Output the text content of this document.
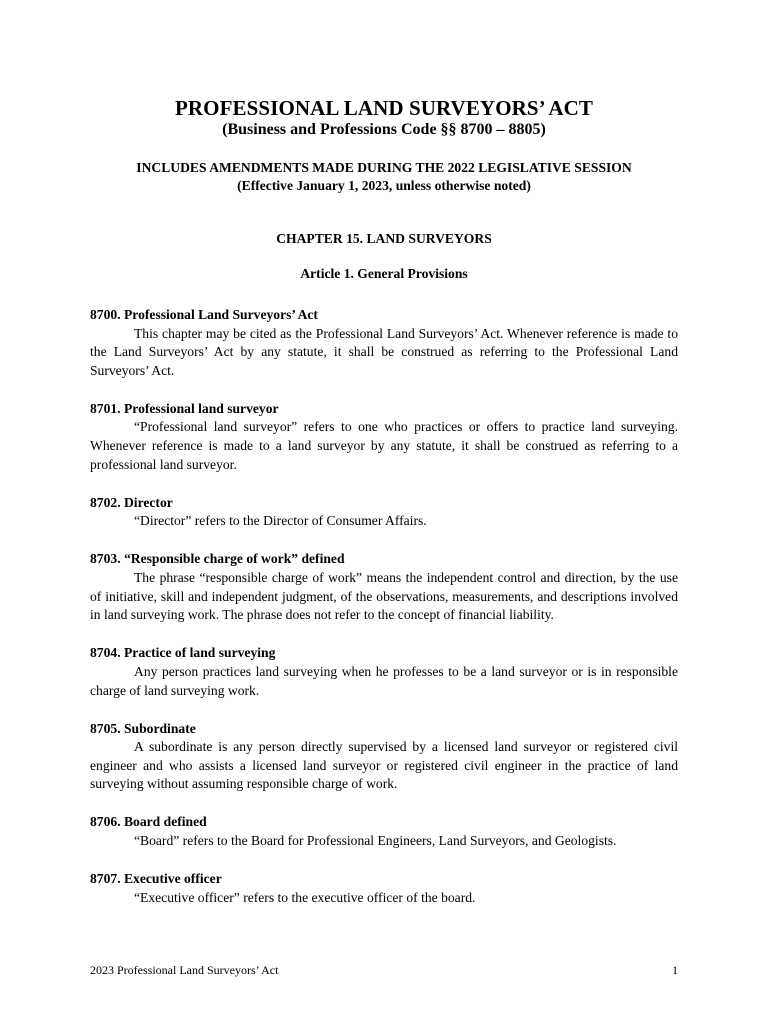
PROFESSIONAL LAND SURVEYORS’ ACT
(Business and Professions Code §§ 8700 – 8805)
INCLUDES AMENDMENTS MADE DURING THE 2022 LEGISLATIVE SESSION
(Effective January 1, 2023, unless otherwise noted)
CHAPTER 15. LAND SURVEYORS
Article 1. General Provisions
8700. Professional Land Surveyors’ Act

This chapter may be cited as the Professional Land Surveyors’ Act. Whenever reference is made to the Land Surveyors’ Act by any statute, it shall be construed as referring to the Professional Land Surveyors’ Act.

8701. Professional land surveyor

“Professional land surveyor” refers to one who practices or offers to practice land surveying. Whenever reference is made to a land surveyor by any statute, it shall be construed as referring to a professional land surveyor.

8702. Director

“Director” refers to the Director of Consumer Affairs.

8703. “Responsible charge of work” defined

The phrase “responsible charge of work” means the independent control and direction, by the use of initiative, skill and independent judgment, of the observations, measurements, and descriptions involved in land surveying work. The phrase does not refer to the concept of financial liability.

8704. Practice of land surveying

Any person practices land surveying when he professes to be a land surveyor or is in responsible charge of land surveying work.

8705. Subordinate

A subordinate is any person directly supervised by a licensed land surveyor or registered civil engineer and who assists a licensed land surveyor or registered civil engineer in the practice of land surveying without assuming responsible charge of work.

8706. Board defined

“Board” refers to the Board for Professional Engineers, Land Surveyors, and Geologists.

8707. Executive officer

“Executive officer” refers to the executive officer of the board.

2023 Professional Land Surveyors’ Act	1
